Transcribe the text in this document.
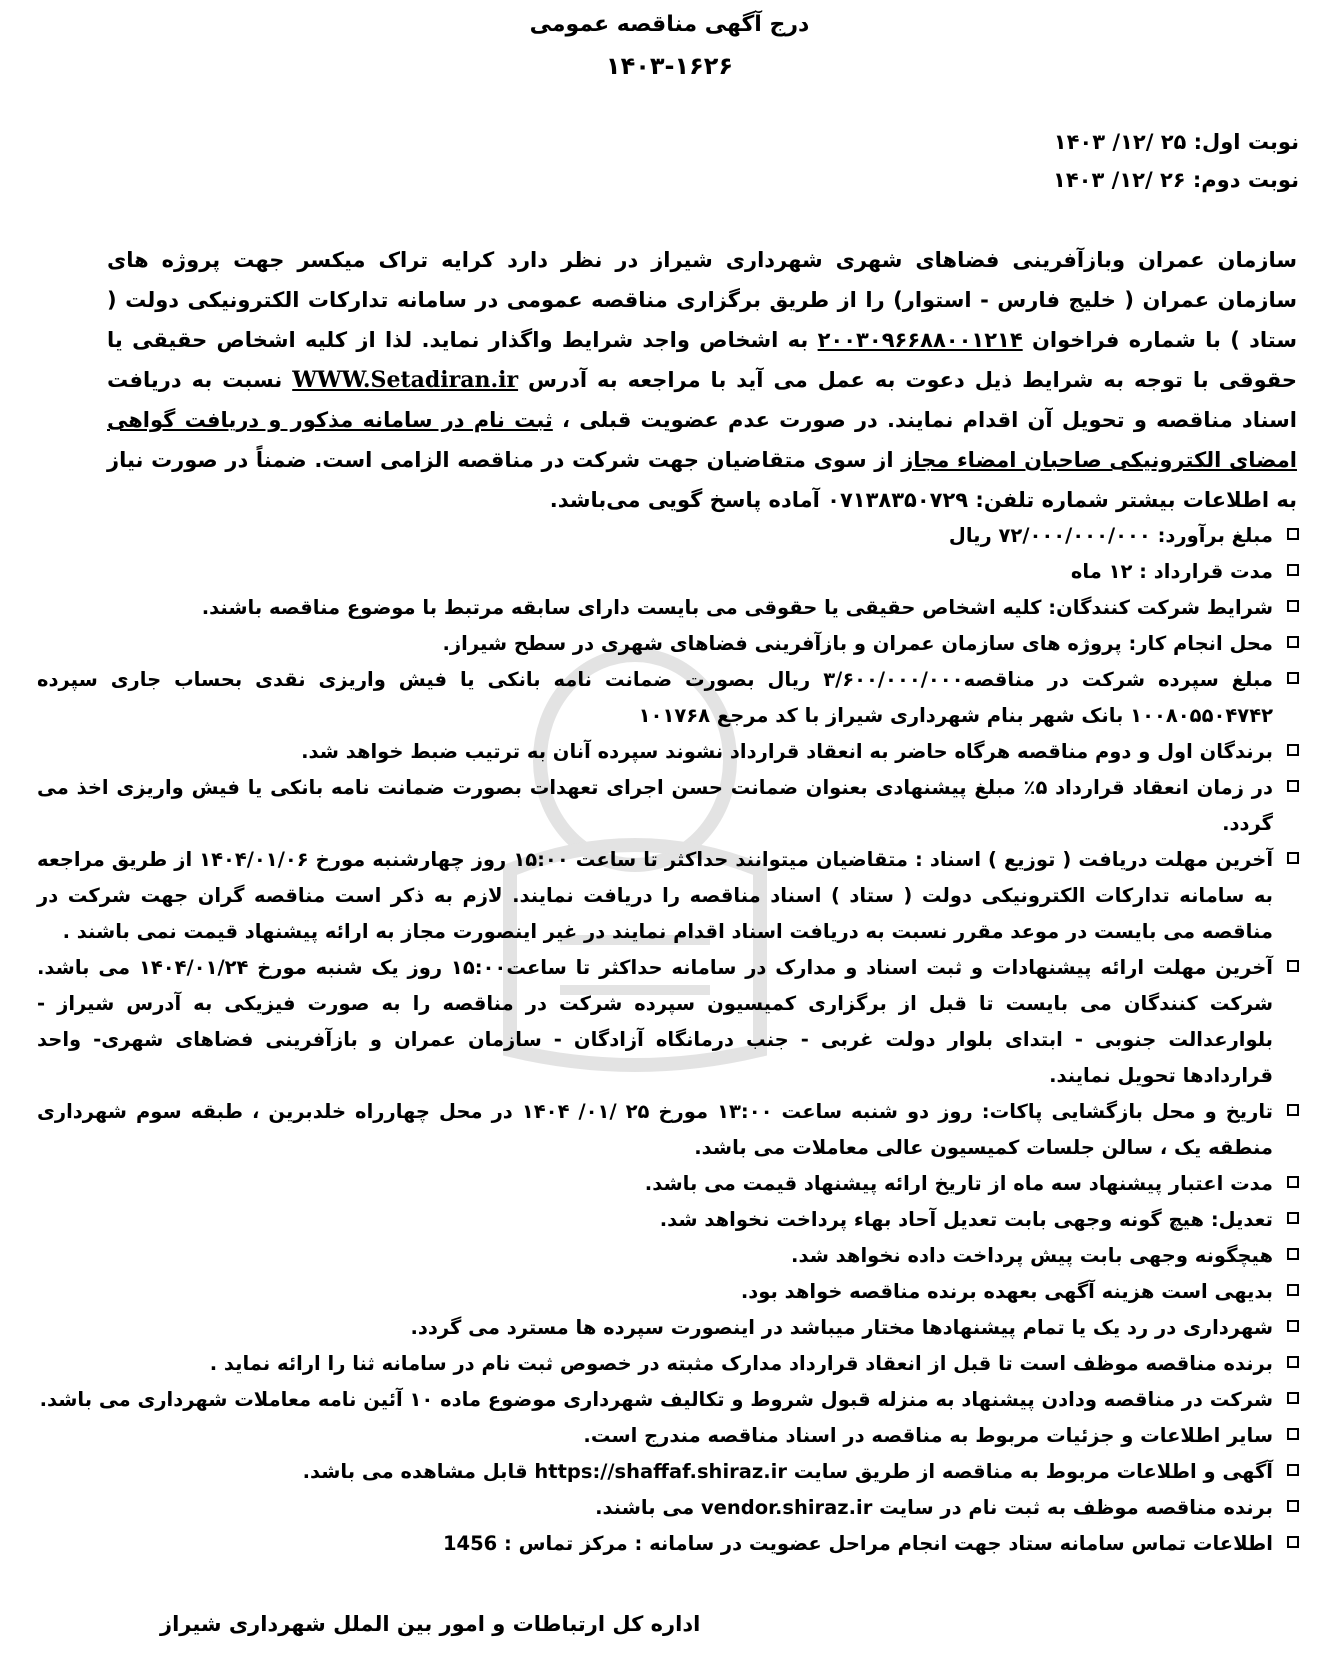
درج آگهی مناقصه عمومی
۱۴۰۳-۱۶۲۶
نوبت اول: ۲۵ /۱۲/ ۱۴۰۳
نوبت دوم: ۲۶ /۱۲/ ۱۴۰۳
سازمان عمران وبازآفرینی فضاهای شهری شهرداری شیراز در نظر دارد کرایه تراک میکسر جهت پروژه های سازمان عمران ( خلیج فارس - استوار) را از طریق برگزاری مناقصه عمومی در سامانه تدارکات الکترونیکی دولت ( ستاد ) با شماره فراخوان ۲۰۰۳۰۹۶۶۸۸۰۰۱۲۱۴ به اشخاص واجد شرایط واگذار نماید. لذا از کلیه اشخاص حقیقی یا حقوقی با توجه به شرایط ذیل دعوت به عمل می آید با مراجعه به آدرس WWW.Setadiran.ir نسبت به دریافت اسناد مناقصه و تحویل آن اقدام نمایند. در صورت عدم عضویت قبلی ، ثبت نام در سامانه مذکور و دریافت گواهی امضای الکترونیکی صاحبان امضاء مجاز از سوی متقاضیان جهت شرکت در مناقصه الزامی است. ضمناً در صورت نیاز به اطلاعات بیشتر شماره تلفن: ۰۷۱۳۸۳۵۰۷۲۹ آماده پاسخ گویی می‌باشد.
مبلغ برآورد: ۷۲/۰۰۰/۰۰۰/۰۰۰ ریال
مدت قرارداد : ۱۲ ماه
شرایط شرکت کنندگان: کلیه اشخاص حقیقی یا حقوقی می بایست دارای سابقه مرتبط با موضوع مناقصه باشند.
محل انجام کار: پروژه های سازمان عمران و بازآفرینی فضاهای شهری در سطح شیراز.
مبلغ سپرده شرکت در مناقصه۳/۶۰۰/۰۰۰/۰۰۰ ریال بصورت ضمانت نامه بانکی یا فیش واریزی نقدی بحساب جاری سپرده ۱۰۰۸۰۵۵۰۴۷۴۲ بانک شهر بنام شهرداری شیراز با کد مرجع ۱۰۱۷۶۸
برندگان اول و دوم مناقصه هرگاه حاضر به انعقاد قرارداد نشوند سپرده آنان به ترتیب ضبط خواهد شد.
در زمان انعقاد قرارداد ۵٪ مبلغ پیشنهادی بعنوان ضمانت حسن اجرای تعهدات بصورت ضمانت نامه بانکی یا فیش واریزی اخذ می گردد.
آخرین مهلت دریافت ( توزیع ) اسناد : متقاضیان میتوانند حداکثر تا ساعت ۱۵:۰۰ روز چهارشنبه مورخ ۱۴۰۴/۰۱/۰۶ از طریق مراجعه به سامانه تدارکات الکترونیکی دولت ( ستاد ) اسناد مناقصه را دریافت نمایند. لازم به ذکر است مناقصه گران جهت شرکت در مناقصه می بایست در موعد مقرر نسبت به دریافت اسناد اقدام نمایند در غیر اینصورت مجاز به ارائه پیشنهاد قیمت نمی باشند .
آخرین مهلت ارائه پیشنهادات و ثبت اسناد و مدارک در سامانه حداکثر تا ساعت۱۵:۰۰ روز یک شنبه مورخ ۱۴۰۴/۰۱/۲۴ می باشد. شرکت کنندگان می بایست تا قبل از برگزاری کمیسیون سپرده شرکت در مناقصه را به صورت فیزیکی به آدرس شیراز - بلوارعدالت جنوبی - ابتدای بلوار دولت غربی - جنب درمانگاه آزادگان - سازمان عمران و بازآفرینی فضاهای شهری- واحد قراردادها تحویل نمایند.
تاریخ و محل بازگشایی پاکات: روز دو شنبه ساعت ۱۳:۰۰ مورخ ۲۵ /۰۱/ ۱۴۰۴ در محل چهارراه خلدبرین ، طبقه سوم شهرداری منطقه یک ، سالن جلسات کمیسیون عالی معاملات می باشد.
مدت اعتبار پیشنهاد سه ماه از تاریخ ارائه پیشنهاد قیمت می باشد.
تعدیل: هیچ گونه وجهی بابت تعدیل آحاد بهاء پرداخت نخواهد شد.
هیچگونه وجهی بابت پیش پرداخت داده نخواهد شد.
بدیهی است هزینه آگهی بعهده برنده مناقصه خواهد بود.
شهرداری در رد یک یا تمام پیشنهادها مختار میباشد در اینصورت سپرده ها مسترد می گردد.
برنده مناقصه موظف است تا قبل از انعقاد قرارداد مدارک مثبته در خصوص ثبت نام در سامانه ثنا را ارائه نماید .
شرکت در مناقصه ودادن پیشنهاد به منزله قبول شروط و تکالیف شهرداری موضوع ماده ۱۰ آئین نامه معاملات شهرداری می باشد.
سایر اطلاعات و جزئیات مربوط به مناقصه در اسناد مناقصه مندرج است.
آگهی و اطلاعات مربوط به مناقصه از طریق سایت https://shaffaf.shiraz.ir قابل مشاهده می باشد.
برنده مناقصه موظف به ثبت نام در سایت vendor.shiraz.ir می باشند.
اطلاعات تماس سامانه ستاد جهت انجام مراحل عضویت در سامانه : مرکز تماس : 1456
اداره کل ارتباطات و امور بین الملل شهرداری شیراز
